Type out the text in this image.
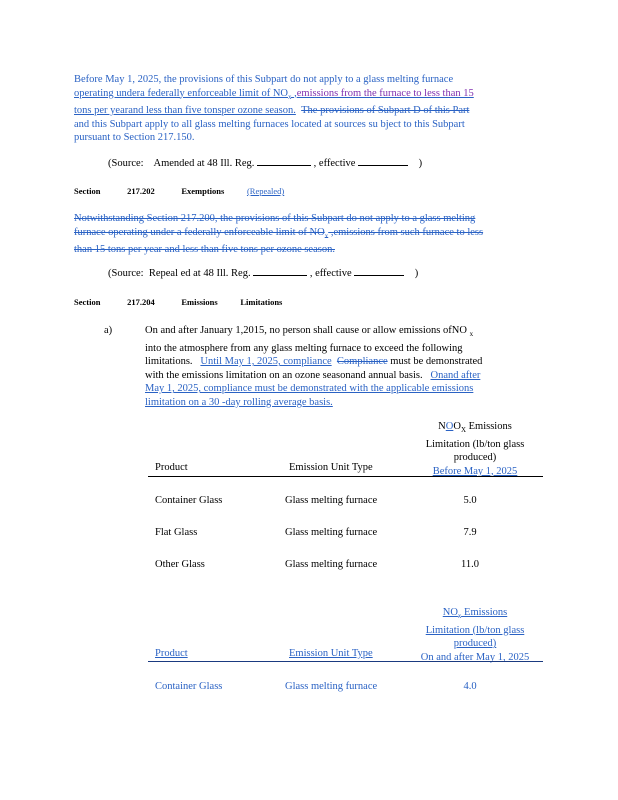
Before May 1, 2025, the provisions of this Subpart do not apply to a glass melting furnace
operating undera federally enforceable limit of $NO_x$ ,emissions from the furnace to less than 15
tons per yearand less than five tonsper ozone season. The provisions of Subpart D of this Part
and this Subpart apply to all glass melting furnaces located at sources su bject to this Subpart
pursuant to Section 217.150.
(Source: Amended at 48 Ill. Reg.	, effective	)
Section	217.202	Exemptions	(Repealed)
Notwithstanding Section 217.200, the provisions of this Subpart do not apply to a glass melting
furnace operating under a federally enforceable limit of $NO_x$ ,emissions from such furnace to less
than 15 tons per year and less than five tons per ozone season.
(Source: Repeal ed at 48 Ill. Reg.	, effective	)
Section	217.204	Emissions	Limitations
a)	On and after January 1,2015, no person shall cause or allow emissions ofNO $_x$
into the atmosphere from any glass melting furnace to exceed the following
limitations. Until May 1, 2025, compliance Compliance must be demonstrated
with the emissions limitation on an ozone seasonand annual basis. Onand after
May 1, 2025, compliance must be demonstrated with the applicable emissions
limitation on a 30 -day rolling average basis.
$NOO_X$ Emissions
Limitation (lb/ton glass
produced)
Before May 1, 2025
Product	Emission Unit Type
Container Glass	Glass melting furnace	5.0
Flat Glass	Glass melting furnace	7.9
Other Glass	Glass melting furnace	11.0
$NO_x$ Emissions
Limitation (lb/ton glass
produced)
On and after May 1, 2025
Product	Emission Unit Type
Container Glass	Glass melting furnace	4.0
